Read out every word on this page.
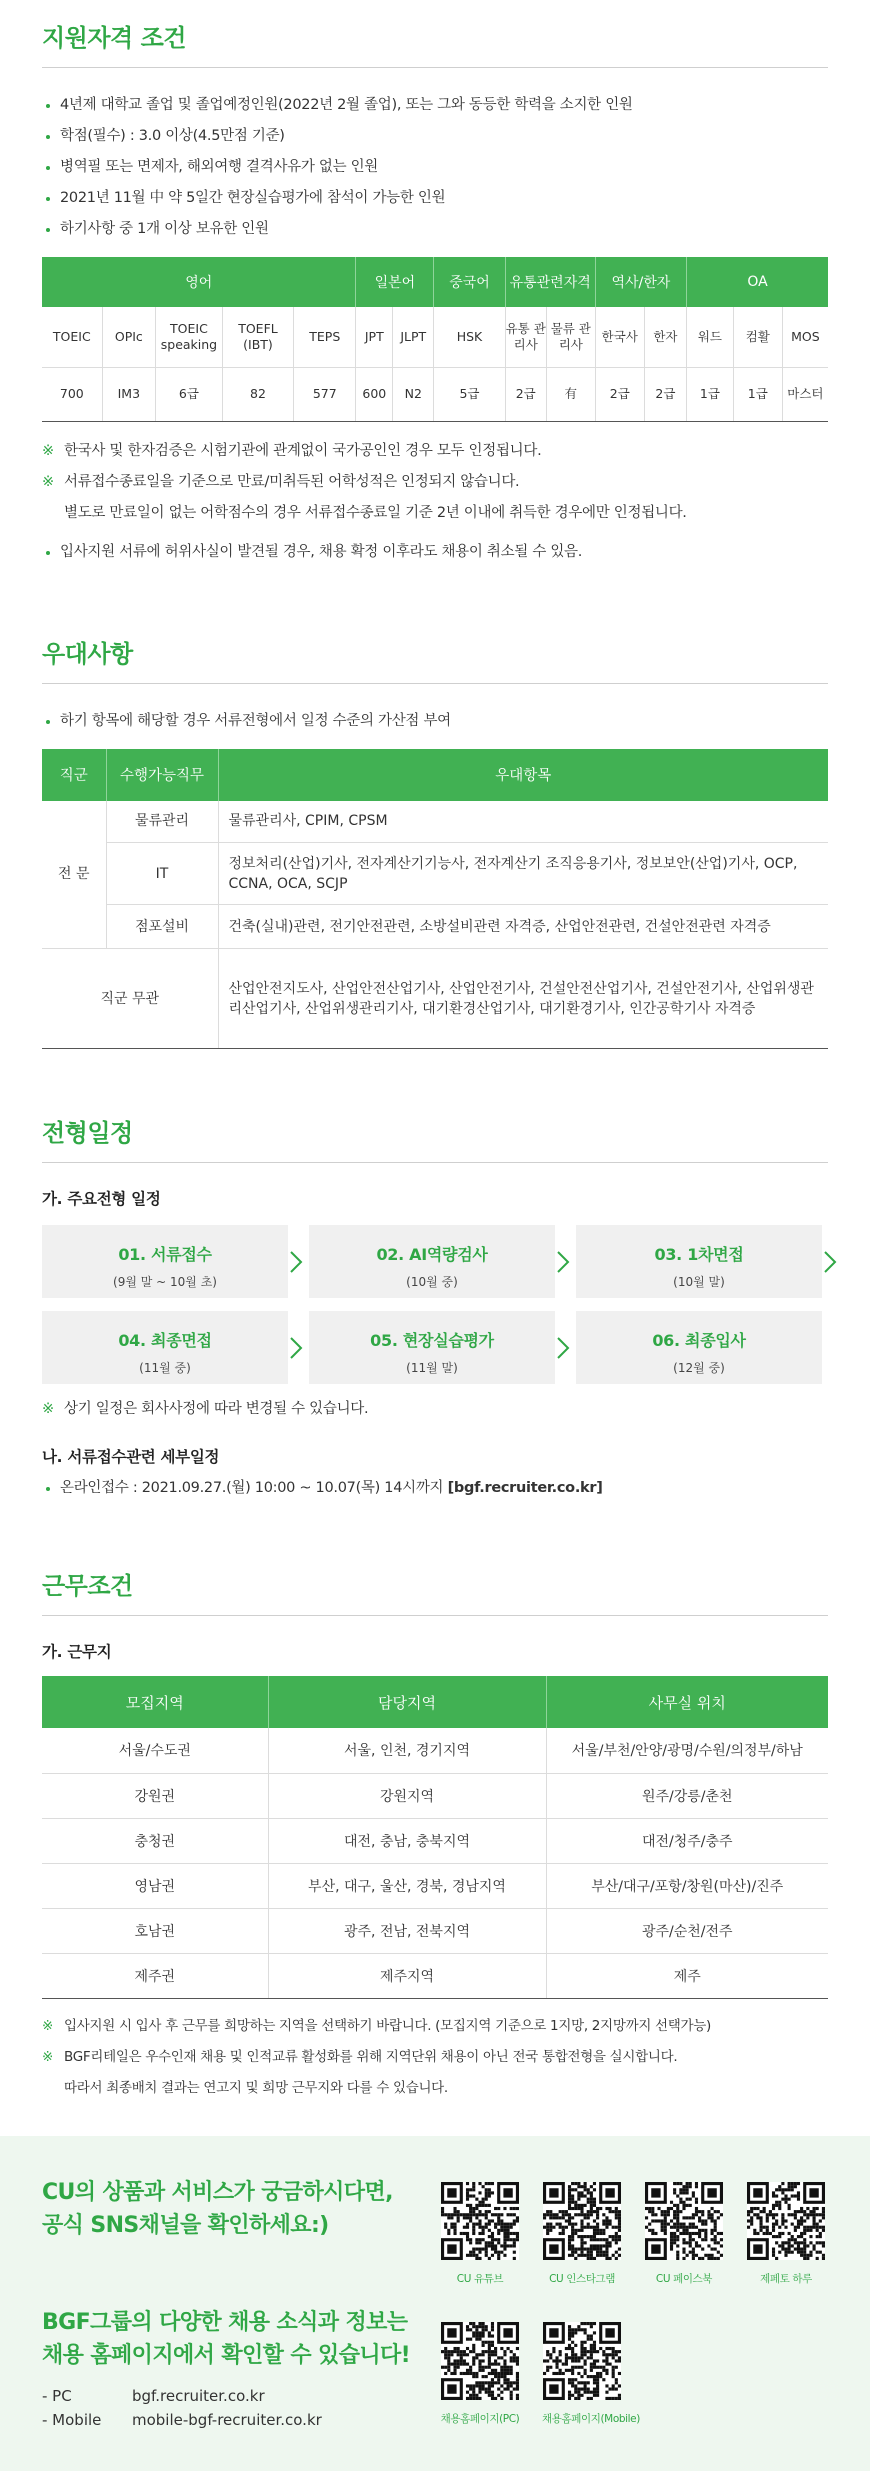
지원자격 조건
4년제 대학교 졸업 및 졸업예정인원(2022년 2월 졸업), 또는 그와 동등한 학력을 소지한 인원
학점(필수) : 3.0 이상(4.5만점 기준)
병역필 또는 면제자, 해외여행 결격사유가 없는 인원
2021년 11월 中 약 5일간 현장실습평가에 참석이 가능한 인원
하기사항 중 1개 이상 보유한 인원
영어					일본어		중국어	유통관련자격		역사/한자		OA		
TOEIC	OPIc	TOEIC speaking	TOEFL (IBT)	TEPS	JPT	JLPT	HSK	유통 관리사	물류 관리사	한국사	한자	워드	컴활	MOS
700	IM3	6급	82	577	600	N2	5급	2급	有	2급	2급	1급	1급	마스터
※ 한국사 및 한자검증은 시험기관에 관계없이 국가공인인 경우 모두 인정됩니다.
※ 서류접수종료일을 기준으로 만료/미취득된 어학성적은 인정되지 않습니다.
별도로 만료일이 없는 어학점수의 경우 서류접수종료일 기준 2년 이내에 취득한 경우에만 인정됩니다.
입사지원 서류에 허위사실이 발견될 경우, 채용 확정 이후라도 채용이 취소될 수 있음.
우대사항
하기 항목에 해당할 경우 서류전형에서 일정 수준의 가산점 부여
직군	수행가능직무	우대항목
전 문	물류관리	물류관리사, CPIM, CPSM
	IT	정보처리(산업)기사, 전자계산기기능사, 전자계산기 조직응용기사, 정보보안(산업)기사, OCP, CCNA, OCA, SCJP
	점포설비	건축(실내)관련, 전기안전관련, 소방설비관련 자격증, 산업안전관련, 건설안전관련 자격증
직군 무관		산업안전지도사, 산업안전산업기사, 산업안전기사, 건설안전산업기사, 건설안전기사, 산업위생관리산업기사, 산업위생관리기사, 대기환경산업기사, 대기환경기사, 인간공학기사 자격증
전형일정
가. 주요전형 일정
01. 서류접수
(9월 말 ~ 10월 초)
02. AI역량검사
(10월 중)
03. 1차면접
(10월 말)
04. 최종면접
(11월 중)
05. 현장실습평가
(11월 말)
06. 최종입사
(12월 중)
※ 상기 일정은 회사사정에 따라 변경될 수 있습니다.
나. 서류접수관련 세부일정
온라인접수 : 2021.09.27.(월) 10:00 ~ 10.07(목) 14시까지 [bgf.recruiter.co.kr]
근무조건
가. 근무지
모집지역	담당지역	사무실 위치
서울/수도권	서울, 인천, 경기지역	서울/부천/안양/광명/수원/의정부/하남
강원권	강원지역	원주/강릉/춘천
충청권	대전, 충남, 충북지역	대전/청주/충주
영남권	부산, 대구, 울산, 경북, 경남지역	부산/대구/포항/창원(마산)/진주
호남권	광주, 전남, 전북지역	광주/순천/전주
제주권	제주지역	제주
※ 입사지원 시 입사 후 근무를 희망하는 지역을 선택하기 바랍니다. (모집지역 기준으로 1지망, 2지망까지 선택가능)
※ BGF리테일은 우수인재 채용 및 인적교류 활성화를 위해 지역단위 채용이 아닌 전국 통합전형을 실시합니다.
따라서 최종배치 결과는 연고지 및 희망 근무지와 다를 수 있습니다.
CU의 상품과 서비스가 궁금하시다면,
공식 SNS채널을 확인하세요:)
BGF그룹의 다양한 채용 소식과 정보는
채용 홈페이지에서 확인할 수 있습니다!
- PC	bgf.recruiter.co.kr
- Mobile mobile-bgf-recruiter.co.kr
CU 유튜브	CU 인스타그램	CU 페이스북	제페토 하루
채용홈페이지(PC) 채용홈페이지(Mobile)
